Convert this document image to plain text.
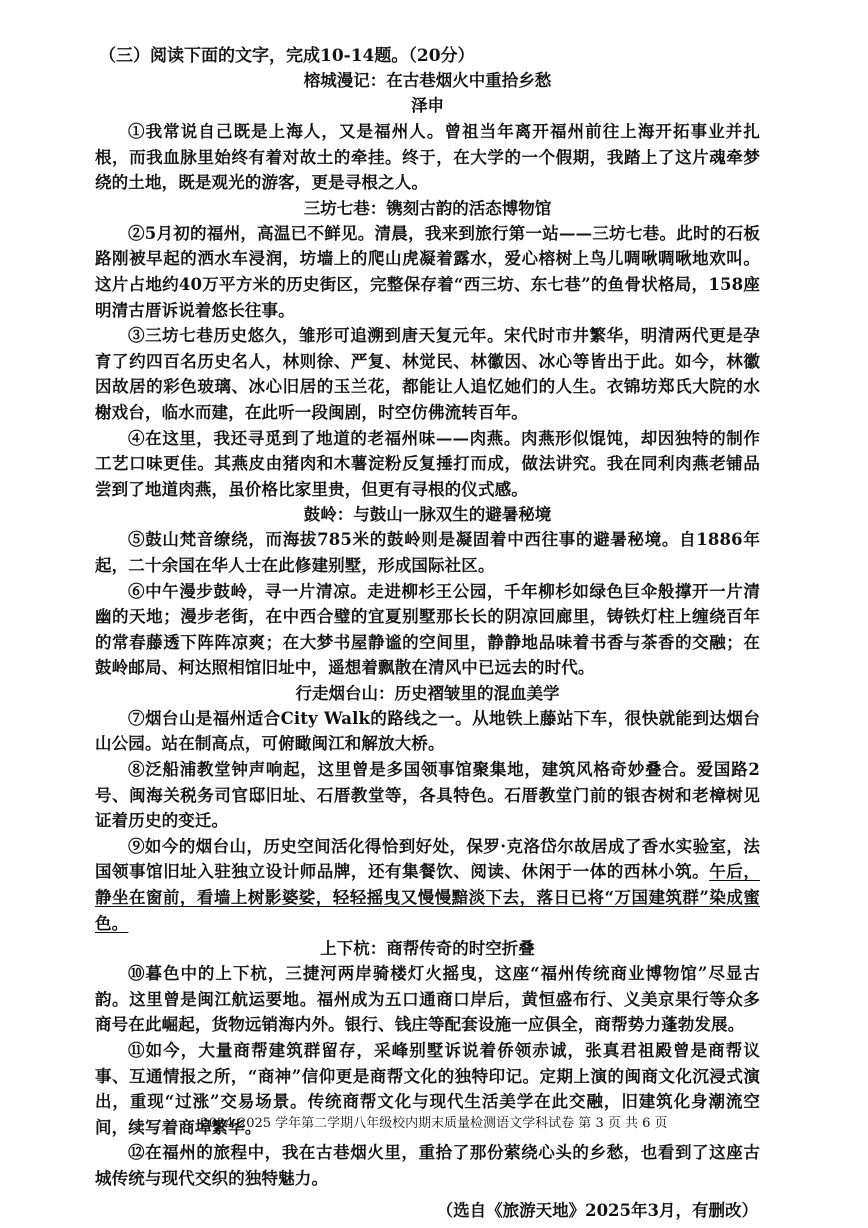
（三）阅读下面的文字，完成10-14题。（20分）
榕城漫记：在古巷烟火中重拾乡愁
泽申

①我常说自己既是上海人，又是福州人。曾祖当年离开福州前往上海开拓事业并扎根，而我血脉里始终有着对故土的牵挂。终于，在大学的一个假期，我踏上了这片魂牵梦绕的土地，既是观光的游客，更是寻根之人。

三坊七巷：镌刻古韵的活态博物馆

②5月初的福州，高温已不鲜见。清晨，我来到旅行第一站——三坊七巷。此时的石板路刚被早起的洒水车浸润，坊墙上的爬山虎凝着露水，爱心榕树上鸟儿啁啾啁啾地欢叫。这片占地约40万平方米的历史街区，完整保存着“西三坊、东七巷”的鱼骨状格局，158座明清古厝诉说着悠长往事。

③三坊七巷历史悠久，雏形可追溯到唐天复元年。宋代时市井繁华，明清两代更是孕育了约四百名历史名人，林则徐、严复、林觉民、林徽因、冰心等皆出于此。如今，林徽因故居的彩色玻璃、冰心旧居的玉兰花，都能让人追忆她们的人生。衣锦坊郑氏大院的水榭戏台，临水而建，在此听一段闽剧，时空仿佛流转百年。

④在这里，我还寻觅到了地道的老福州味——肉燕。肉燕形似馄饨，却因独特的制作工艺口味更佳。其燕皮由猪肉和木薯淀粉反复捶打而成，做法讲究。我在同利肉燕老铺品尝到了地道肉燕，虽价格比家里贵，但更有寻根的仪式感。

鼓岭：与鼓山一脉双生的避暑秘境

⑤鼓山梵音缭绕，而海拔785米的鼓岭则是凝固着中西往事的避暑秘境。自1886年起，二十余国在华人士在此修建别墅，形成国际社区。

⑥中午漫步鼓岭，寻一片清凉。走进柳杉王公园，千年柳杉如绿色巨伞般撑开一片清幽的天地；漫步老街，在中西合璧的宜夏别墅那长长的阴凉回廊里，铸铁灯柱上缠绕百年的常春藤透下阵阵凉爽；在大梦书屋静谧的空间里，静静地品味着书香与茶香的交融；在鼓岭邮局、柯达照相馆旧址中，遥想着飘散在清风中已远去的时代。

行走烟台山：历史褶皱里的混血美学

⑦烟台山是福州适合City Walk的路线之一。从地铁上藤站下车，很快就能到达烟台山公园。站在制高点，可俯瞰闽江和解放大桥。

⑧泛船浦教堂钟声响起，这里曾是多国领事馆聚集地，建筑风格奇妙叠合。爱国路2号、闽海关税务司官邸旧址、石厝教堂等，各具特色。石厝教堂门前的银杏树和老樟树见证着历史的变迁。

⑨如今的烟台山，历史空间活化得恰到好处，保罗·克洛岱尔故居成了香水实验室，法国领事馆旧址入驻独立设计师品牌，还有集餐饮、阅读、休闲于一体的西林小筑。午后，静坐在窗前，看墙上树影婆娑，轻轻摇曳又慢慢黯淡下去，落日已将“万国建筑群”染成蜜色。

上下杭：商帮传奇的时空折叠

⑩暮色中的上下杭，三捷河两岸骑楼灯火摇曳，这座“福州传统商业博物馆”尽显古韵。这里曾是闽江航运要地。福州成为五口通商口岸后，黄恒盛布行、义美京果行等众多商号在此崛起，货物远销海内外。银行、钱庄等配套设施一应俱全，商帮势力蓬勃发展。

⑪如今，大量商帮建筑群留存，采峰别墅诉说着侨领赤诚，张真君祖殿曾是商帮议事、互通情报之所，“商神”信仰更是商帮文化的独特印记。定期上演的闽商文化沉浸式演出，重现“过涨”交易场景。传统商帮文化与现代生活美学在此交融，旧建筑化身潮流空间，续写着商埠繁华。

⑫在福州的旅程中，我在古巷烟火里，重拾了那份萦绕心头的乡愁，也看到了这座古城传统与现代交织的独特魅力。

（选自《旅游天地》2025年3月，有删改）
2024-2025 学年第二学期八年级校内期末质量检测语文学科试卷 第 3 页 共 6 页
